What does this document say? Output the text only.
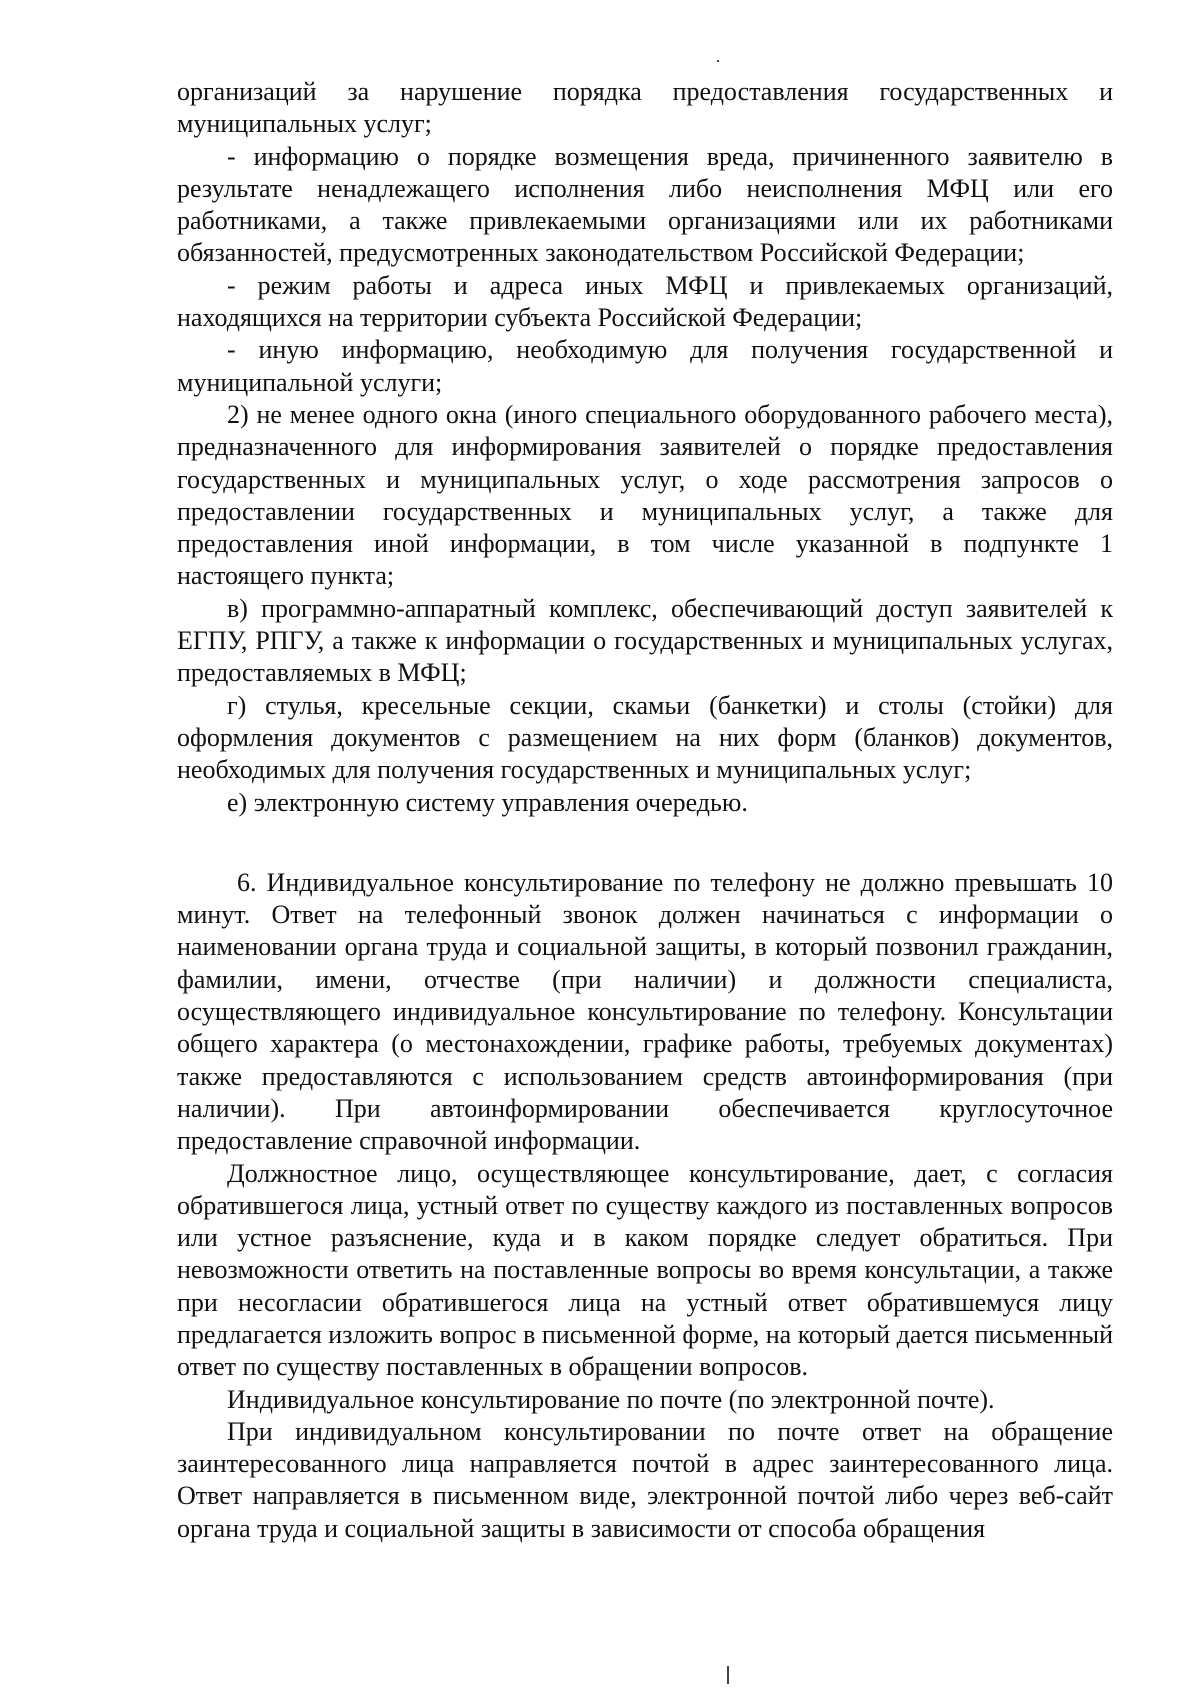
организаций за нарушение порядка предоставления государственных и муниципальных услуг;

- информацию о порядке возмещения вреда, причиненного заявителю в результате ненадлежащего исполнения либо неисполнения МФЦ или его работниками, а также привлекаемыми организациями или их работниками обязанностей, предусмотренных законодательством Российской Федерации;

- режим работы и адреса иных МФЦ и привлекаемых организаций, находящихся на территории субъекта Российской Федерации;

- иную информацию, необходимую для получения государственной и муниципальной услуги;

2) не менее одного окна (иного специального оборудованного рабочего места), предназначенного для информирования заявителей о порядке предоставления государственных и муниципальных услуг, о ходе рассмотрения запросов о предоставлении государственных и муниципальных услуг, а также для предоставления иной информации, в том числе указанной в подпункте 1 настоящего пункта;

в) программно-аппаратный комплекс, обеспечивающий доступ заявителей к ЕГПУ, РПГУ, а также к информации о государственных и муниципальных услугах, предоставляемых в МФЦ;

г) стулья, кресельные секции, скамьи (банкетки) и столы (стойки) для оформления документов с размещением на них форм (бланков) документов, необходимых для получения государственных и муниципальных услуг;

е) электронную систему управления очередью.

6. Индивидуальное консультирование по телефону не должно превышать 10 минут. Ответ на телефонный звонок должен начинаться с информации о наименовании органа труда и социальной защиты, в который позвонил гражданин, фамилии, имени, отчестве (при наличии) и должности специалиста, осуществляющего индивидуальное консультирование по телефону. Консультации общего характера (о местонахождении, графике работы, требуемых документах) также предоставляются с использованием средств автоинформирования (при наличии). При автоинформировании обеспечивается круглосуточное предоставление справочной информации.

Должностное лицо, осуществляющее консультирование, дает, с согласия обратившегося лица, устный ответ по существу каждого из поставленных вопросов или устное разъяснение, куда и в каком порядке следует обратиться. При невозможности ответить на поставленные вопросы во время консультации, а также при несогласии обратившегося лица на устный ответ обратившемуся лицу предлагается изложить вопрос в письменной форме, на который дается письменный ответ по существу поставленных в обращении вопросов.

Индивидуальное консультирование по почте (по электронной почте).

При индивидуальном консультировании по почте ответ на обращение заинтересованного лица направляется почтой в адрес заинтересованного лица. Ответ направляется в письменном виде, электронной почтой либо через веб-сайт органа труда и социальной защиты в зависимости от способа обращения
